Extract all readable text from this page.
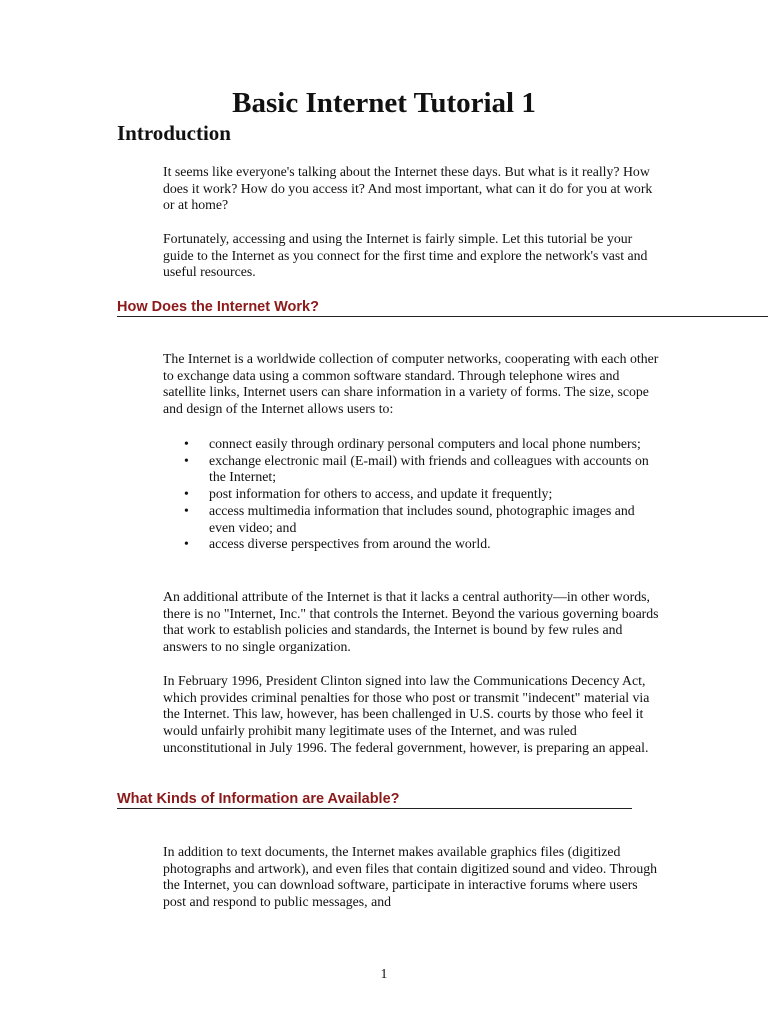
Basic Internet Tutorial 1
Introduction

It seems like everyone's talking about the Internet these days. But what is it really? How does it work? How do you access it? And most important, what can it do for you at work or at home?

Fortunately, accessing and using the Internet is fairly simple. Let this tutorial be your guide to the Internet as you connect for the first time and explore the network's vast and useful resources.

How Does the Internet Work?

The Internet is a worldwide collection of computer networks, cooperating with each other to exchange data using a common software standard. Through telephone wires and satellite links, Internet users can share information in a variety of forms. The size, scope and design of the Internet allows users to:

• connect easily through ordinary personal computers and local phone numbers;
• exchange electronic mail (E-mail) with friends and colleagues with accounts on the Internet;
• post information for others to access, and update it frequently;
• access multimedia information that includes sound, photographic images and even video; and
• access diverse perspectives from around the world.

An additional attribute of the Internet is that it lacks a central authority—in other words, there is no "Internet, Inc." that controls the Internet. Beyond the various governing boards that work to establish policies and standards, the Internet is bound by few rules and answers to no single organization.

In February 1996, President Clinton signed into law the Communications Decency Act, which provides criminal penalties for those who post or transmit "indecent" material via the Internet. This law, however, has been challenged in U.S. courts by those who feel it would unfairly prohibit many legitimate uses of the Internet, and was ruled unconstitutional in July 1996. The federal government, however, is preparing an appeal.

What Kinds of Information are Available?

In addition to text documents, the Internet makes available graphics files (digitized photographs and artwork), and even files that contain digitized sound and video. Through the Internet, you can download software, participate in interactive forums where users post and respond to public messages, and

1
